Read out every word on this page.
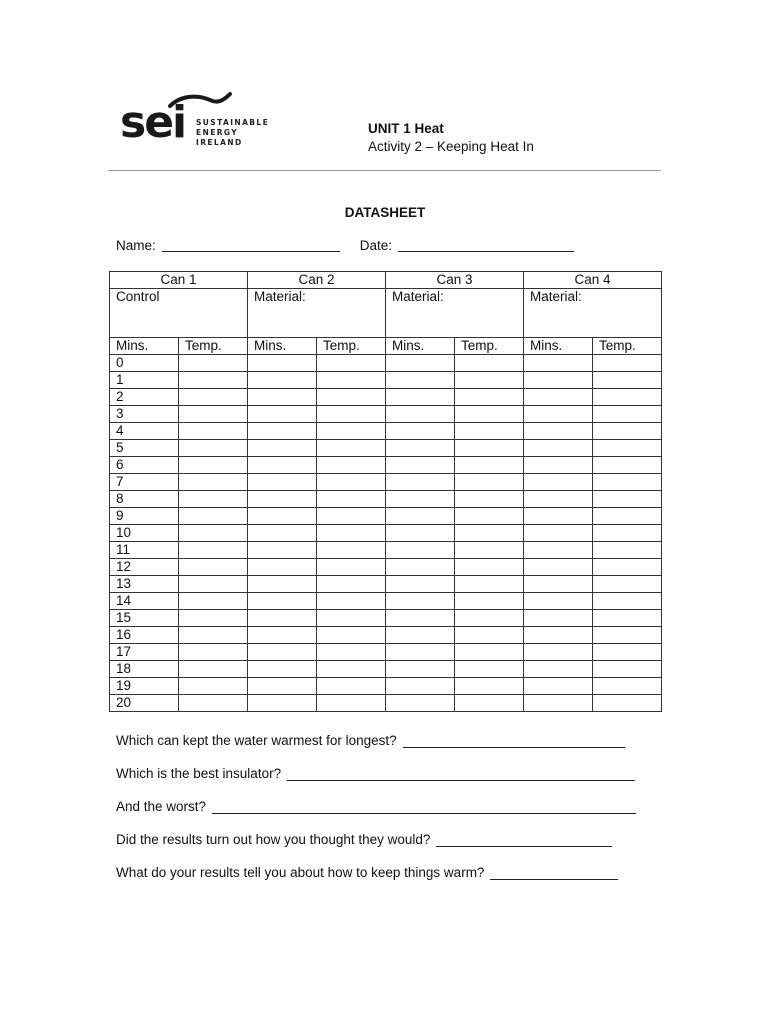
sei SUSTAINABLE
ENERGY
IRELAND
UNIT 1 Heat
Activity 2 – Keeping Heat In
DATASHEET
Name:	Date:
Can 1		Can 2		Can 3		Can 4	
Control		Material:		Material:		Material:	
Mins.	Temp.	Mins.	Temp.	Mins.	Temp.	Mins.	Temp.
0							
1							
2							
3							
4							
5							
6							
7							
8							
9							
10							
11							
12							
13							
14							
15							
16							
17							
18							
19							
20							
Which can kept the water warmest for longest?
Which is the best insulator?
And the worst?
Did the results turn out how you thought they would?
What do your results tell you about how to keep things warm?
